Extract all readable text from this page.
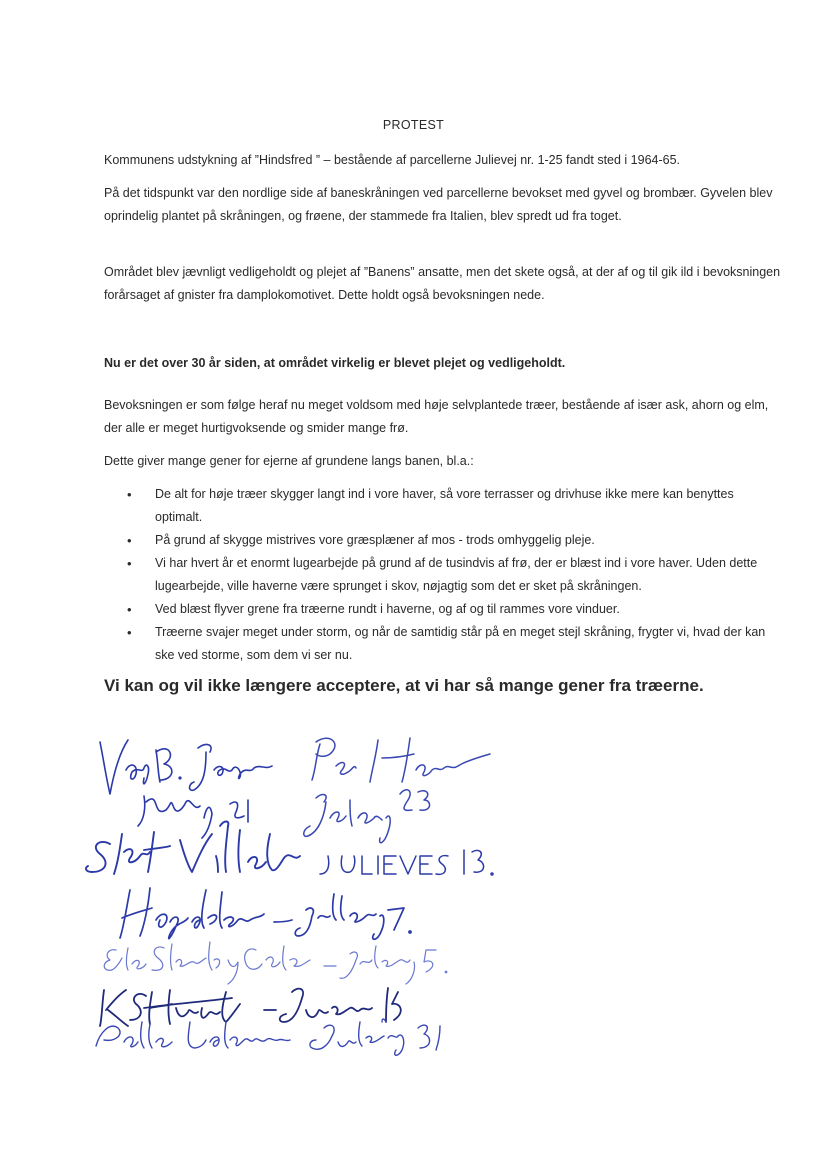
PROTEST

Kommunens udstykning af ”Hindsfred ” – bestående af parcellerne Julievej nr. 1-25 fandt sted i 1964-65.

På det tidspunkt var den nordlige side af baneskråningen ved parcellerne bevokset med gyvel og brombær. Gyvelen blev oprindelig plantet på skråningen, og frøene, der stammede fra Italien, blev spredt ud fra toget.

Området blev jævnligt vedligeholdt og plejet af ”Banens” ansatte, men det skete også, at der af og til gik ild i bevoksningen forårsaget af gnister fra damplokomotivet. Dette holdt også bevoksningen nede.

Nu er det over 30 år siden, at området virkelig er blevet plejet og vedligeholdt.

Bevoksningen er som følge heraf nu meget voldsom med høje selvplantede træer, bestående af især ask, ahorn og elm, der alle er meget hurtigvoksende og smider mange frø.

Dette giver mange gener for ejerne af grundene langs banen, bl.a.:

• De alt for høje træer skygger langt ind i vore haver, så vore terrasser og drivhuse ikke mere kan benyttes optimalt.
• På grund af skygge mistrives vore græsplæner af mos - trods omhyggelig pleje.
• Vi har hvert år et enormt lugearbejde på grund af de tusindvis af frø, der er blæst ind i vore haver. Uden dette lugearbejde, ville haverne være sprunget i skov, nøjagtig som det er sket på skråningen.
• Ved blæst flyver grene fra træerne rundt i haverne, og af og til rammes vore vinduer.
• Træerne svajer meget under storm, og når de samtidig står på en meget stejl skråning, frygter vi, hvad der kan ske ved storme, som dem vi ser nu.

Vi kan og vil ikke længere acceptere, at vi har så mange gener fra træerne.
